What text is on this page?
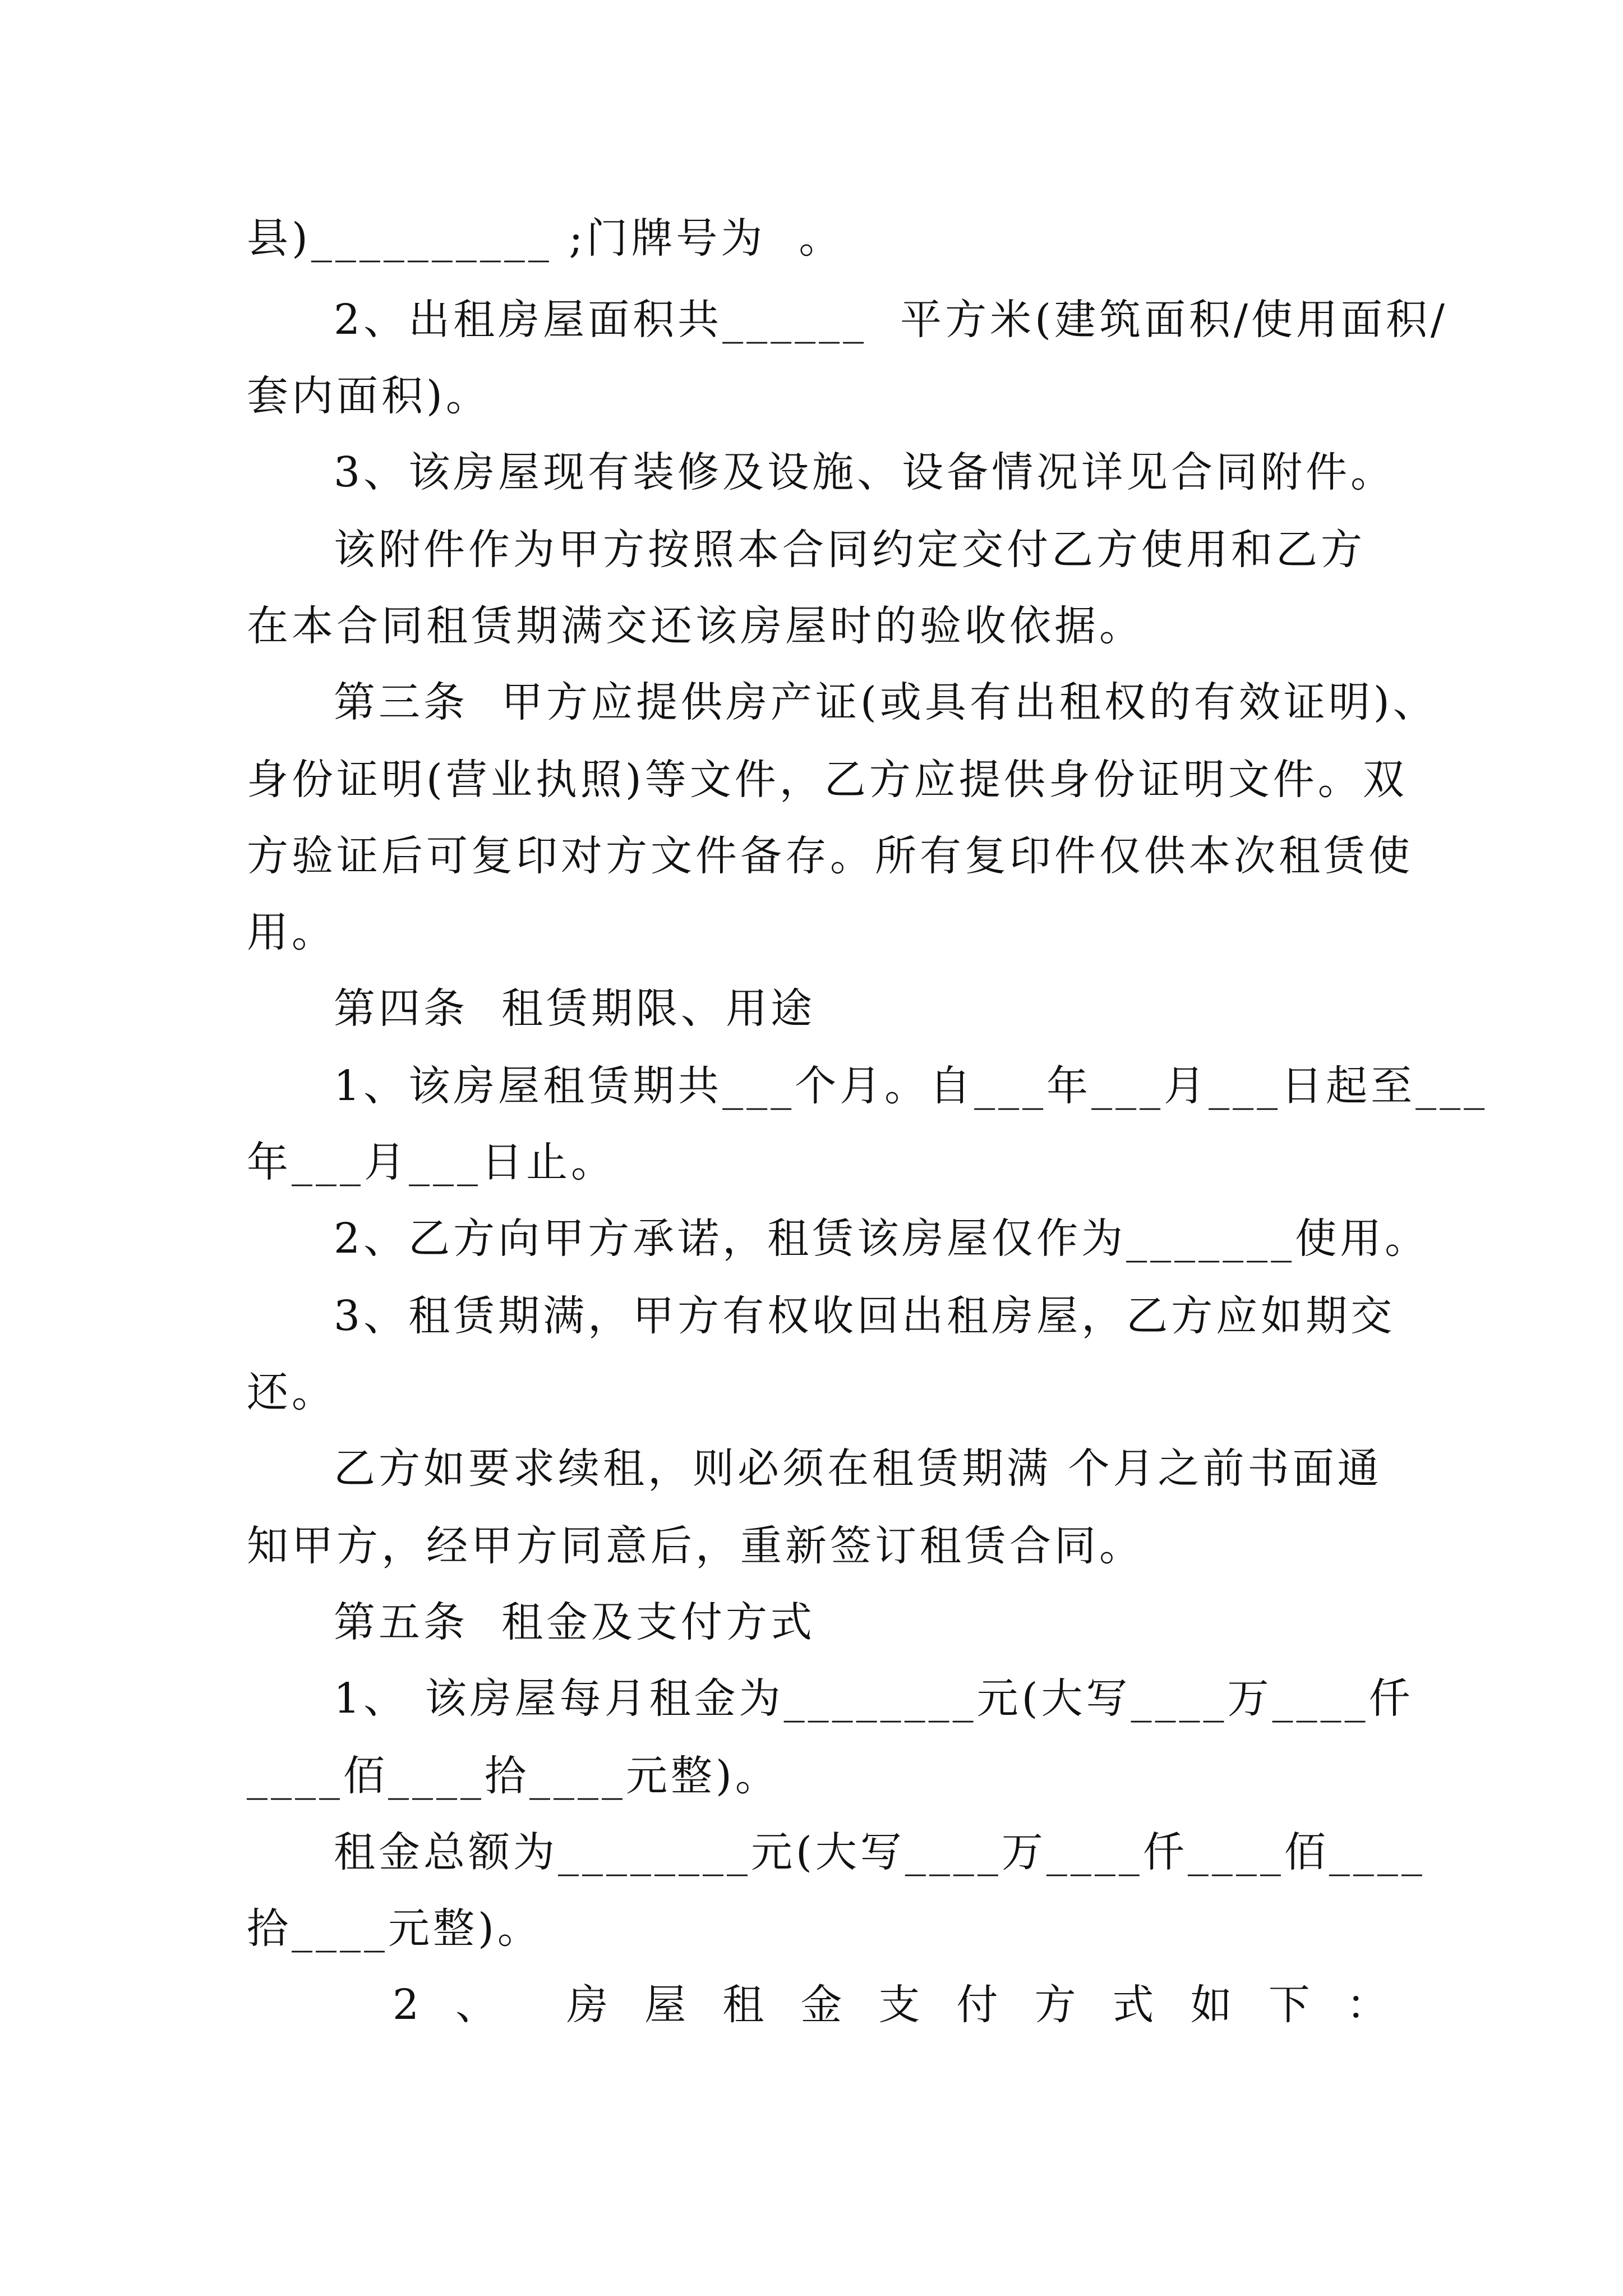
县)__________ ;门牌号为  。
2、出租房屋面积共______  平方米(建筑面积/使用面积/
套内面积)。
3、该房屋现有装修及设施、设备情况详见合同附件。
该附件作为甲方按照本合同约定交付乙方使用和乙方
在本合同租赁期满交还该房屋时的验收依据。
第三条  甲方应提供房产证(或具有出租权的有效证明)、
身份证明(营业执照)等文件，乙方应提供身份证明文件。双
方验证后可复印对方文件备存。所有复印件仅供本次租赁使
用。
第四条  租赁期限、用途
1、该房屋租赁期共___个月。自___年___月___日起至___
年___月___日止。
2、乙方向甲方承诺，租赁该房屋仅作为_______使用。
3、租赁期满，甲方有权收回出租房屋，乙方应如期交
还。
乙方如要求续租，则必须在租赁期满 个月之前书面通
知甲方，经甲方同意后，重新签订租赁合同。
第五条  租金及支付方式
1、 该房屋每月租金为________元(大写____万____仟
____佰____拾____元整)。
租金总额为________元(大写____万____仟____佰____
拾____元整)。
2  、    房  屋  租  金  支  付  方  式  如  下  ：
